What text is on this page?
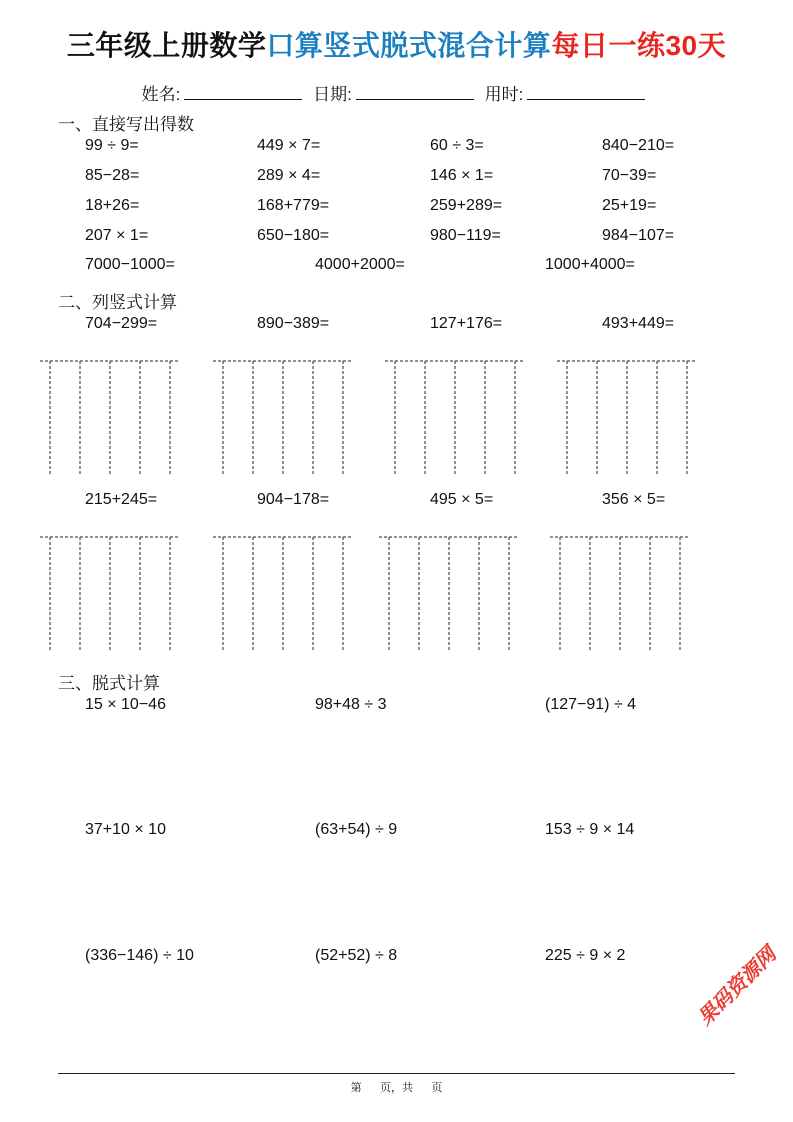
三年级上册数学口算竖式脱式混合计算每日一练30天
姓名:	日期:	用时:
一、直接写出得数
99 ÷ 9=	449 × 7=	60 ÷ 3=	840−210=
85−28=	289 × 4=	146 × 1=	70−39=
18+26=	168+779=	259+289=	25+19=
207 × 1=	650−180=	980−119=	984−107=
7000−1000=	4000+2000=	1000+4000=
二、列竖式计算
704−299=	890−389=	127+176=	493+449=
215+245=	904−178=	495 × 5=	356 × 5=
三、脱式计算
15 × 10−46	98+48 ÷ 3	(127−91) ÷ 4
37+10 × 10	(63+54) ÷ 9	153 ÷ 9 × 14
(336−146) ÷ 10	(52+52) ÷ 8	225 ÷ 9 × 2	果码资源网
第 页，共 页
